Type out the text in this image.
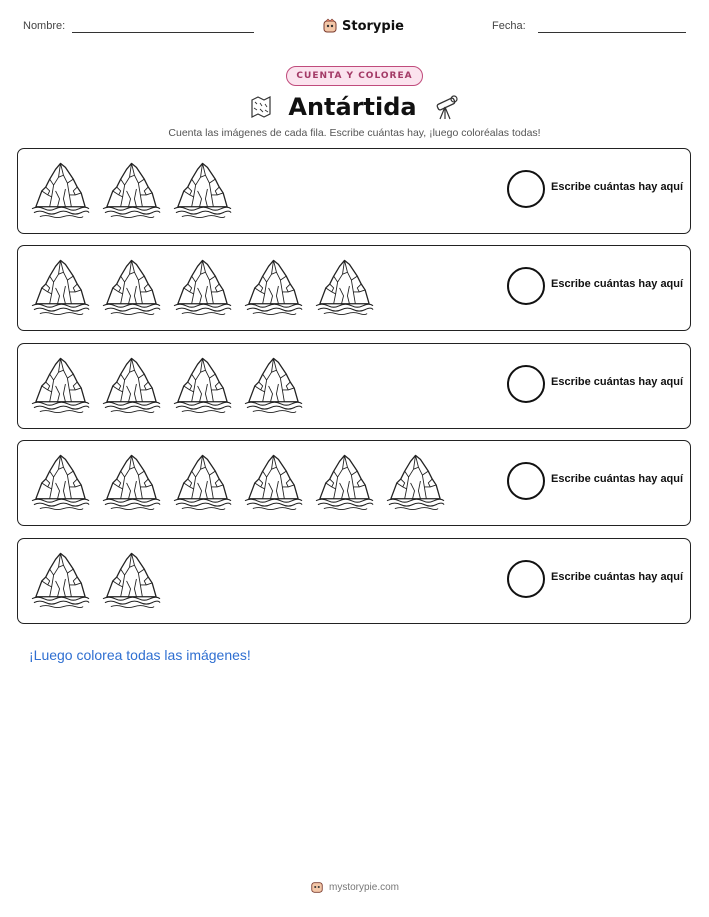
Nombre:	Storypie	Fecha:
CUENTA Y COLOREA
Antártida
Cuenta las imágenes de cada fila. Escribe cuántas hay, ¡luego coloréalas todas!
Escribe cuántas hay aquí
Escribe cuántas hay aquí
Escribe cuántas hay aquí
Escribe cuántas hay aquí
Escribe cuántas hay aquí
¡Luego colorea todas las imágenes!
mystorypie.com
